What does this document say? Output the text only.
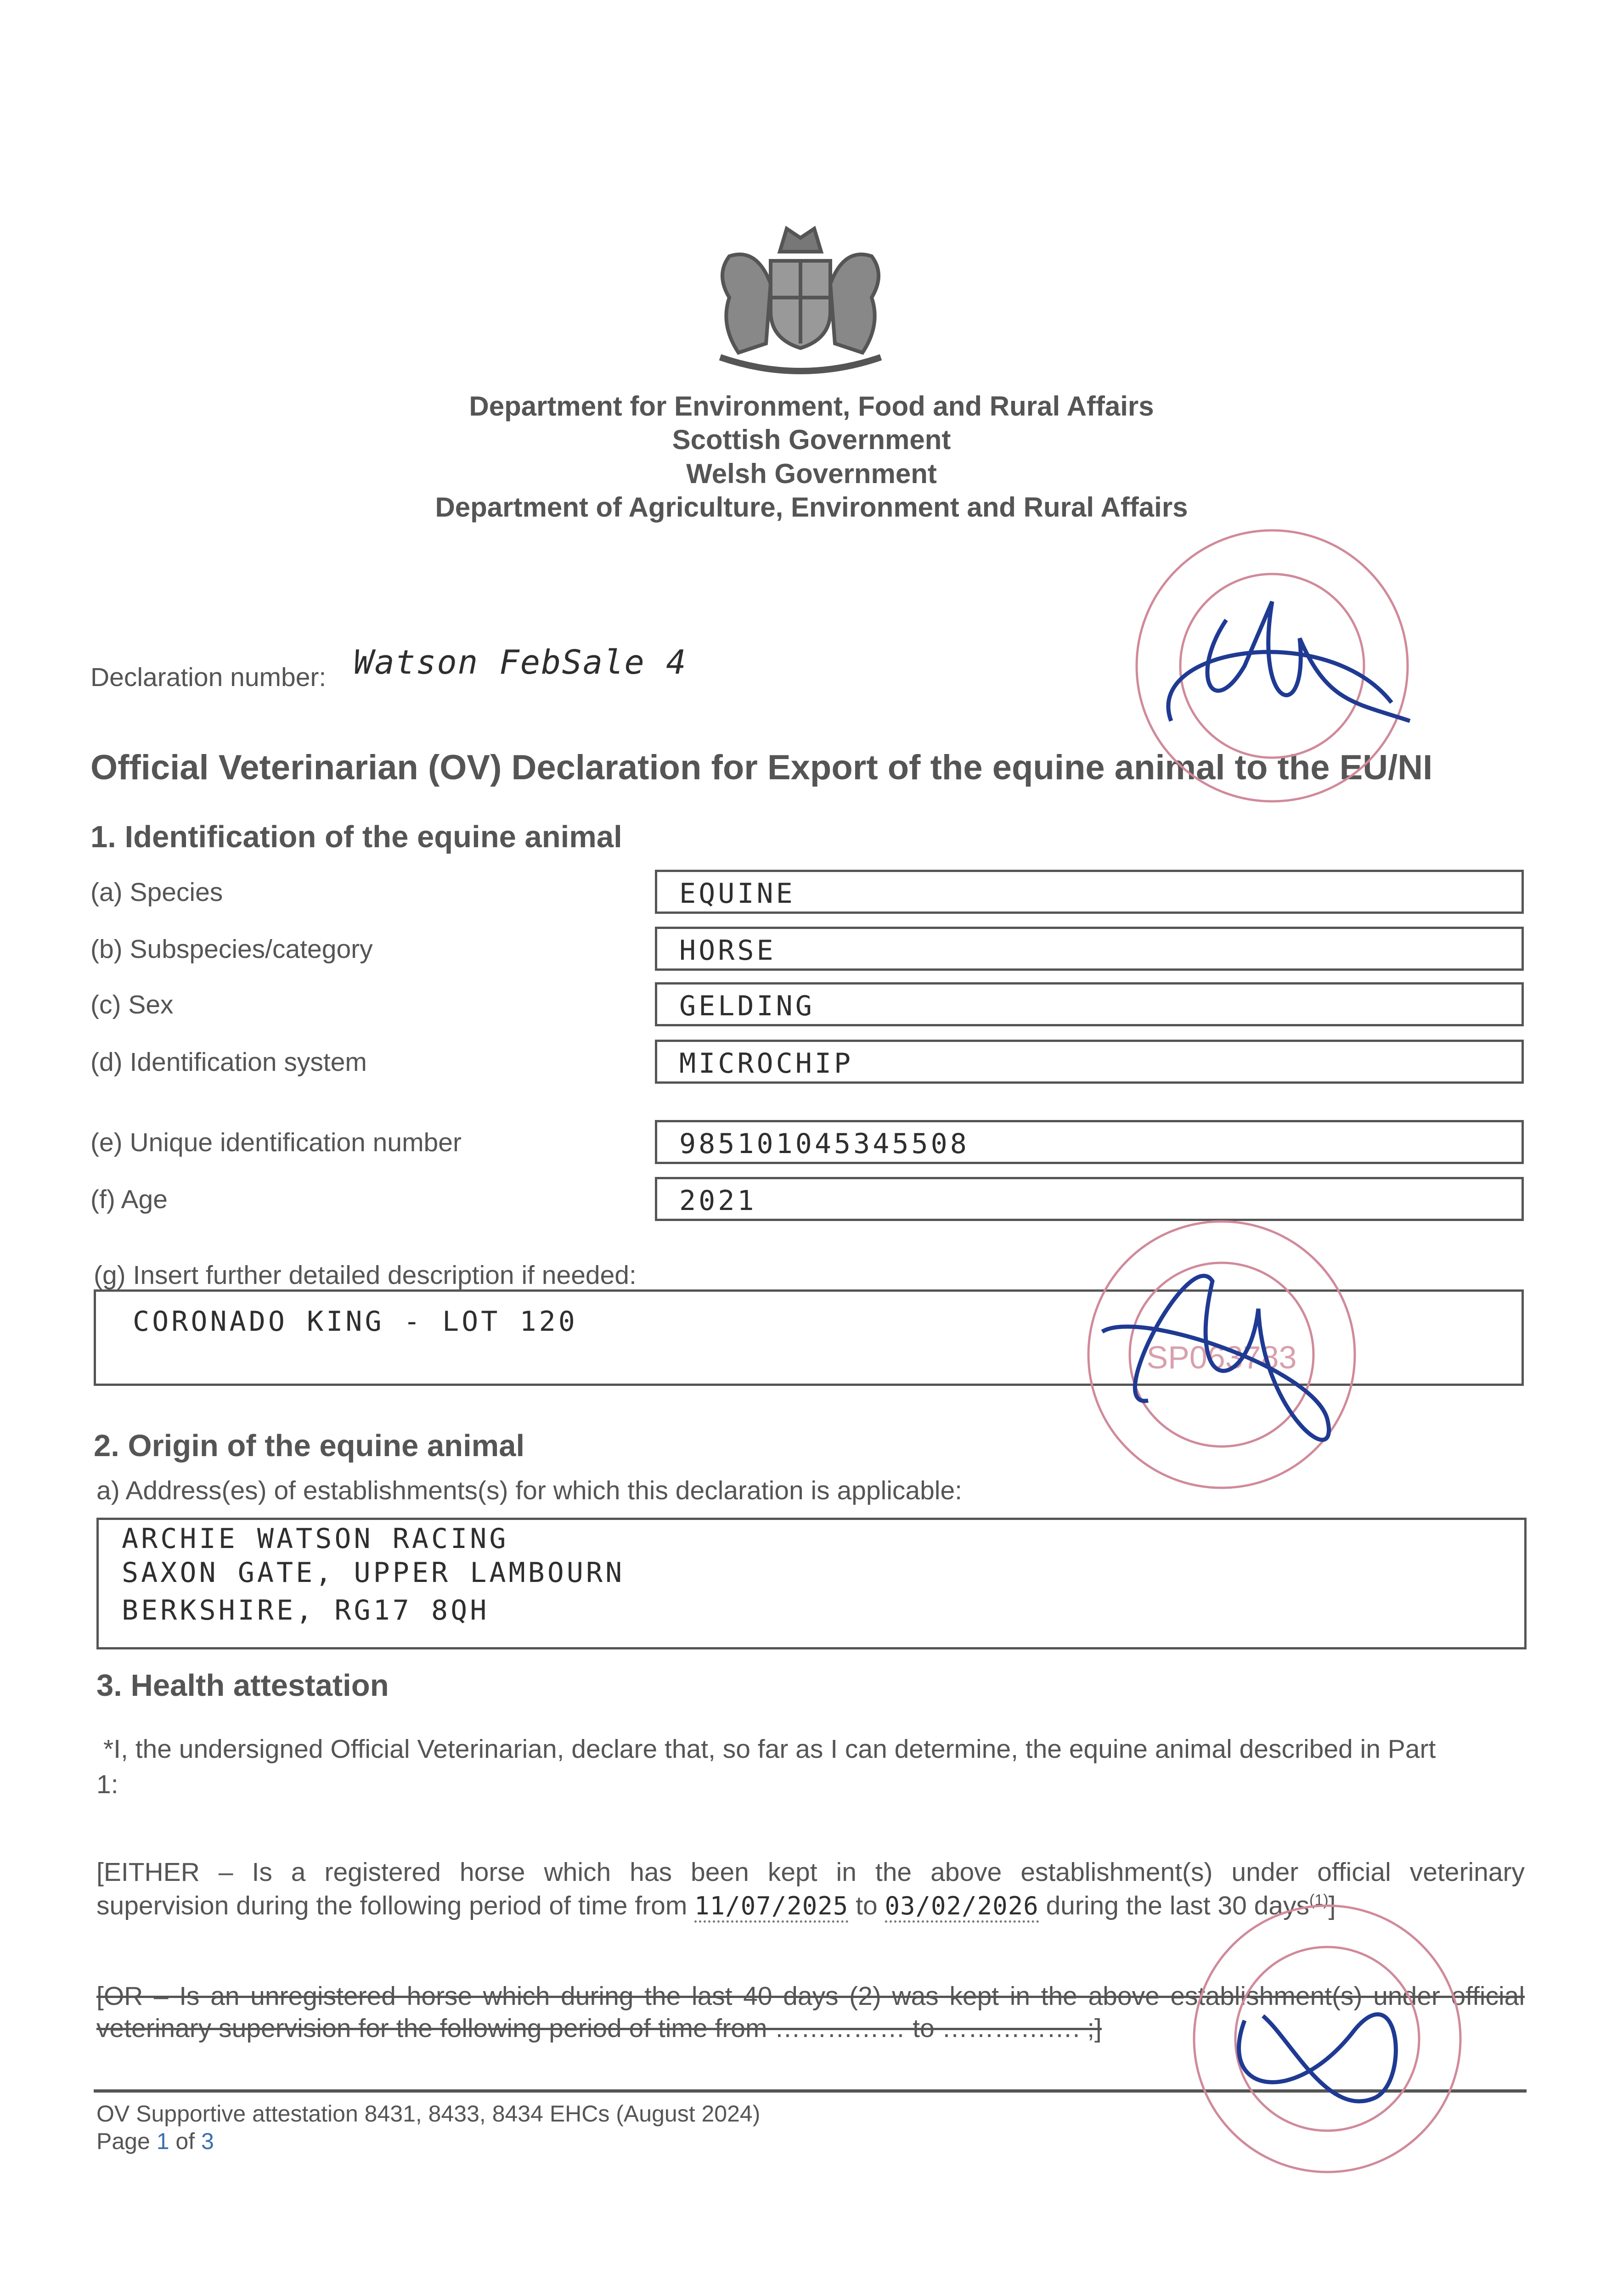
Department for Environment, Food and Rural Affairs
Scottish Government
Welsh Government
Department of Agriculture, Environment and Rural Affairs
Declaration number: Watson FebSale 4
Official Veterinarian (OV) Declaration for Export of the equine animal to the EU/NI
1. Identification of the equine animal
(a) Species	EQUINE
(b) Subspecies/category	HORSE
(c) Sex	GELDING
(d) Identification system	MICROCHIP
(e) Unique identification number	985101045345508
(f) Age	2021
(g) Insert further detailed description if needed:
CORONADO KING - LOT 120
2. Origin of the equine animal
a) Address(es) of establishments(s) for which this declaration is applicable:
ARCHIE WATSON RACING
SAXON GATE, UPPER LAMBOURN
BERKSHIRE, RG17 8QH
3. Health attestation
*I, the undersigned Official Veterinarian, declare that, so far as I can determine, the equine animal described in Part
1:
[EITHER – Is a registered horse which has been kept in the above establishment(s) under official veterinary
supervision during the following period of time from 11/07/2025 to 03/02/2026 during the last 30 days$^{(1)}$]
[OR – Is an unregistered horse which during the last 40 days (2) was kept in the above establishment(s) under official
veterinary supervision for the following period of time from …………… to ……………. ;]
OV Supportive attestation 8431, 8433, 8434 EHCs (August 2024)
Page 1 of 3
SP063783
